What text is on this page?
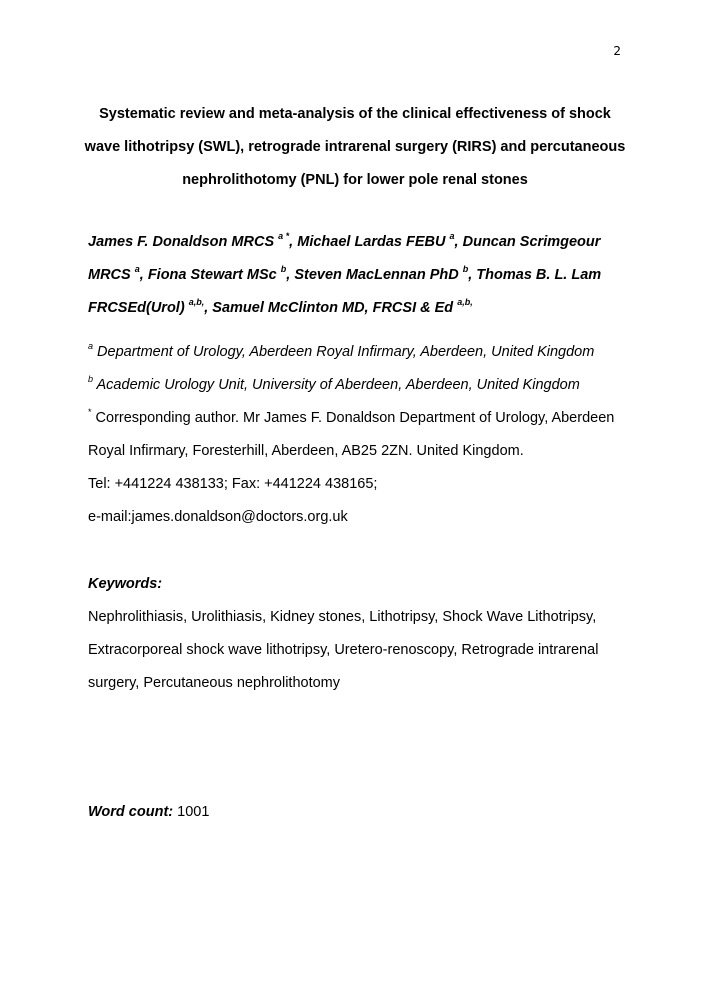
2
Systematic review and meta-analysis of the clinical effectiveness of shock
wave lithotripsy (SWL), retrograde intrarenal surgery (RIRS) and percutaneous
nephrolithotomy (PNL) for lower pole renal stones
James F. Donaldson MRCS $^{a *}$, Michael Lardas FEBU $^a$, Duncan Scrimgeour
MRCS $^a$, Fiona Stewart MSc $^b$, Steven MacLennan PhD $^b$, Thomas B. L. Lam
FRCSEd(Urol) $^{a,b,}$, Samuel McClinton MD, FRCSI & Ed $^{a,b,}$
$^a$ Department of Urology, Aberdeen Royal Infirmary, Aberdeen, United Kingdom
$^b$ Academic Urology Unit, University of Aberdeen, Aberdeen, United Kingdom
* Corresponding author. Mr James F. Donaldson Department of Urology, Aberdeen
Royal Infirmary, Foresterhill, Aberdeen, AB25 2ZN. United Kingdom.
Tel: +441224 438133; Fax: +441224 438165;
e-mail:james.donaldson@doctors.org.uk
Keywords:
Nephrolithiasis, Urolithiasis, Kidney stones, Lithotripsy, Shock Wave Lithotripsy,
Extracorporeal shock wave lithotripsy, Uretero-renoscopy, Retrograde intrarenal
surgery, Percutaneous nephrolithotomy
Word count: 1001
